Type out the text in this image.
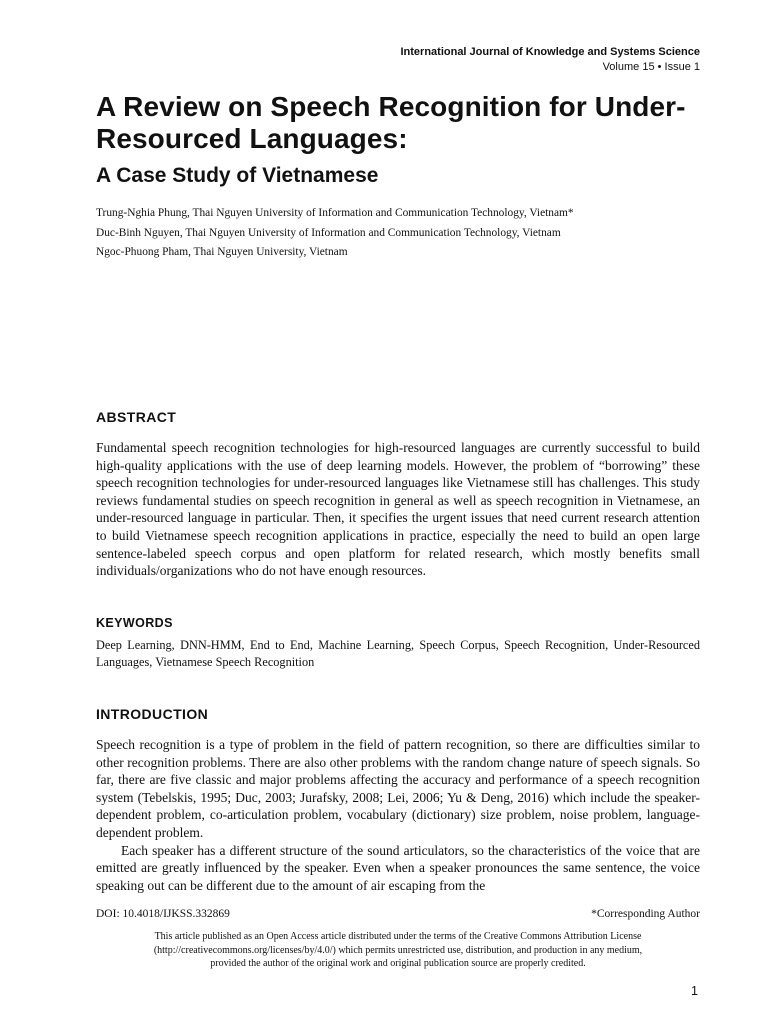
International Journal of Knowledge and Systems Science
Volume 15 • Issue 1
A Review on Speech Recognition for Under-Resourced Languages:
A Case Study of Vietnamese
Trung-Nghia Phung, Thai Nguyen University of Information and Communication Technology, Vietnam*
Duc-Binh Nguyen, Thai Nguyen University of Information and Communication Technology, Vietnam
Ngoc-Phuong Pham, Thai Nguyen University, Vietnam
ABSTRACT

Fundamental speech recognition technologies for high-resourced languages are currently successful to build high-quality applications with the use of deep learning models. However, the problem of “borrowing” these speech recognition technologies for under-resourced languages like Vietnamese still has challenges. This study reviews fundamental studies on speech recognition in general as well as speech recognition in Vietnamese, an under-resourced language in particular. Then, it specifies the urgent issues that need current research attention to build Vietnamese speech recognition applications in practice, especially the need to build an open large sentence-labeled speech corpus and open platform for related research, which mostly benefits small individuals/organizations who do not have enough resources.

KEYWORDS
Deep Learning, DNN-HMM, End to End, Machine Learning, Speech Corpus, Speech Recognition, Under-Resourced Languages, Vietnamese Speech Recognition
INTRODUCTION

Speech recognition is a type of problem in the field of pattern recognition, so there are difficulties similar to other recognition problems. There are also other problems with the random change nature of speech signals. So far, there are five classic and major problems affecting the accuracy and performance of a speech recognition system (Tebelskis, 1995; Duc, 2003; Jurafsky, 2008; Lei, 2006; Yu & Deng, 2016) which include the speaker-dependent problem, co-articulation problem, vocabulary (dictionary) size problem, noise problem, language-dependent problem.

Each speaker has a different structure of the sound articulators, so the characteristics of the voice that are emitted are greatly influenced by the speaker. Even when a speaker pronounces the same sentence, the voice speaking out can be different due to the amount of air escaping from the

DOI: 10.4018/IJKSS.332869	*Corresponding Author
This article published as an Open Access article distributed under the terms of the Creative Commons Attribution License
(http://creativecommons.org/licenses/by/4.0/) which permits unrestricted use, distribution, and production in any medium,
provided the author of the original work and original publication source are properly credited.
1
